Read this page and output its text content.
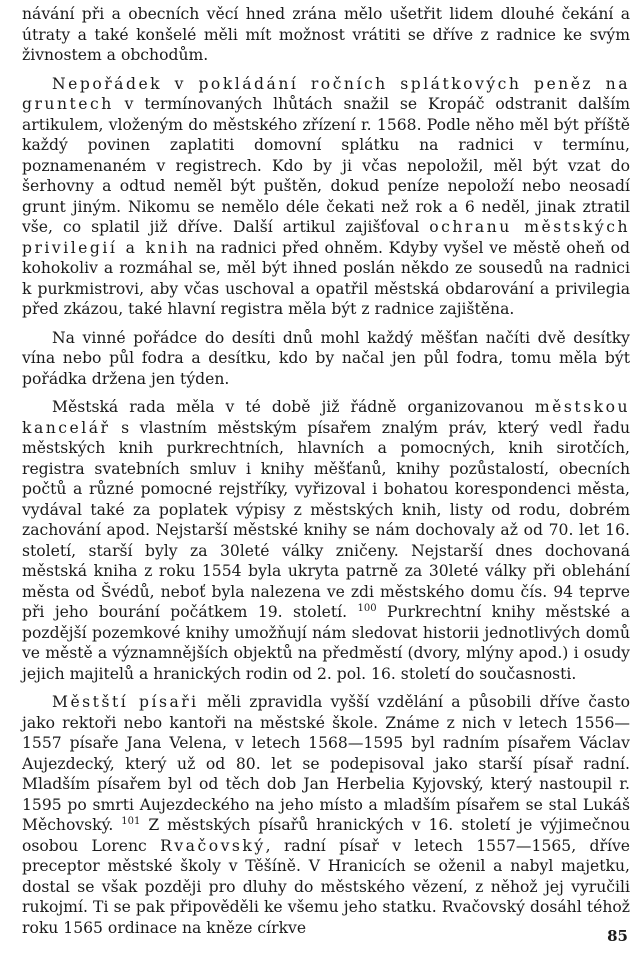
návání při a obecních věcí hned zrána mělo ušetřit lidem dlouhé čekání a útraty a také konšelé měli mít možnost vrátiti se dříve z radnice ke svým živnostem a obchodům.

Nepořádek v pokládání ročních splátkových peněz na gruntech v termínovaných lhůtách snažil se Kropáč odstranit dalším artikulem, vloženým do městského zřízení r. 1568. Podle něho měl být příště každý povinen zaplatiti domovní splátku na radnici v termínu, poznamenaném v registrech. Kdo by ji včas nepoložil, měl být vzat do šerhovny a odtud neměl být puštěn, dokud peníze nepoloží nebo neosadí grunt jiným. Nikomu se nemělo déle čekati než rok a 6 neděl, jinak ztratil vše, co splatil již dříve. Další artikul zajišťoval ochranu městských privilegií a knih na radnici před ohněm. Kdyby vyšel ve městě oheň od kohokoliv a rozmáhal se, měl být ihned poslán někdo ze sousedů na radnici k purkmistrovi, aby včas uschoval a opatřil městská obdarování a privilegia před zkázou, také hlavní registra měla být z radnice zajištěna.

Na vinné pořádce do desíti dnů mohl každý měšťan načíti dvě desítky vína nebo půl fodra a desítku, kdo by načal jen půl fodra, tomu měla být pořádka držena jen týden.

Městská rada měla v té době již řádně organizovanou městskou kancelář s vlastním městským písařem znalým práv, který vedl řadu městských knih purkrechtních, hlavních a pomocných, knih sirotčích, registra svatebních smluv i knihy měšťanů, knihy pozůstalostí, obecních počtů a různé pomocné rejstříky, vyřizoval i bohatou korespondenci města, vydával také za poplatek výpisy z městských knih, listy od rodu, dobrém zachování apod. Nejstarší městské knihy se nám dochovaly až od 70. let 16. století, starší byly za 30leté války zničeny. Nejstarší dnes dochovaná městská kniha z roku 1554 byla ukryta patrně za 30leté války při oblehání města od Švédů, neboť byla nalezena ve zdi městského domu čís. 94 teprve při jeho bourání počátkem 19. století. $^{100}$ Purkrechtní knihy městské a pozdější pozemkové knihy umožňují nám sledovat historii jednotlivých domů ve městě a významnějších objektů na předměstí (dvory, mlýny apod.) i osudy jejich majitelů a hranických rodin od 2. pol. 16. století do současnosti.

Městští písaři měli zpravidla vyšší vzdělání a působili dříve často jako rektoři nebo kantoři na městské škole. Známe z nich v letech 1556—1557 písaře Jana Velena, v letech 1568—1595 byl radním písařem Václav Aujezdecký, který už od 80. let se podepisoval jako starší písař radní. Mladším písařem byl od těch dob Jan Herbelia Kyjovský, který nastoupil r. 1595 po smrti Aujezdeckého na jeho místo a mladším písařem se stal Lukáš Měchovský. $^{101}$ Z městských písařů hranických v 16. století je výjimečnou osobou Lorenc Rvačovský, radní písař v letech 1557—1565, dříve preceptor městské školy v Těšíně. V Hranicích se oženil a nabyl majetku, dostal se však později pro dluhy do městského vězení, z něhož jej vyručili rukojmí. Ti se pak připověděli ke všemu jeho statku. Rvačovský dosáhl téhož roku 1565 ordinace na kněze církve	85
